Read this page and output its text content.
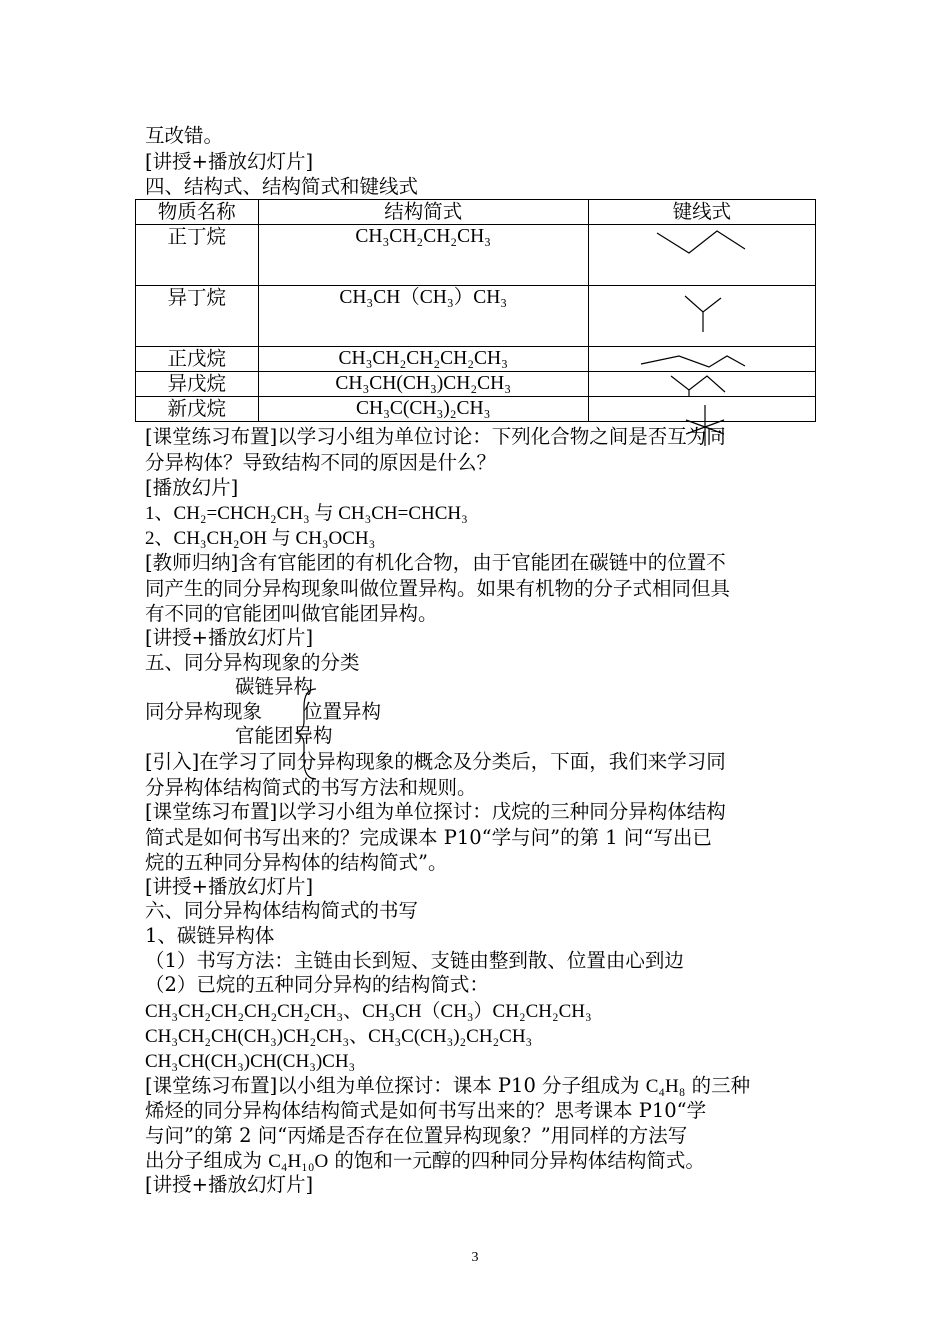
互改错。
[讲授+播放幻灯片]
四、结构式、结构简式和键线式
物质名称	结构简式	键线式
正丁烷	CH₃CH₂CH₂CH₃	

异丁烷	CH₃CH（CH₃）CH₃	

正戊烷	CH₃CH₂CH₂CH₂CH₃	

异戊烷	CH₃CH(CH₃)CH₂CH₃	

新戊烷	CH₃C(CH₃)₂CH₃	
[课堂练习布置]以学习小组为单位讨论：下列化合物之间是否互为同
分异构体？导致结构不同的原因是什么？
[播放幻片]
1、CH₂=CHCH₂CH₃ 与 CH₃CH=CHCH₃
2、CH₃CH₂OH 与 CH₃OCH₃
[教师归纳]含有官能团的有机化合物，由于官能团在碳链中的位置不
同产生的同分异构现象叫做位置异构。如果有机物的分子式相同但具
有不同的官能团叫做官能团异构。
[讲授+播放幻灯片]
五、同分异构现象的分类
碳链异构
同分异构现象 位置异构
官能团异构
[引入]在学习了同分异构现象的概念及分类后，下面，我们来学习同
分异构体结构简式的书写方法和规则。
[课堂练习布置]以学习小组为单位探讨：戊烷的三种同分异构体结构
简式是如何书写出来的？完成课本 P10“学与问”的第 1 问“写出已
烷的五种同分异构体的结构简式”。
[讲授+播放幻灯片]
六、同分异构体结构简式的书写
1、碳链异构体
（1）书写方法：主链由长到短、支链由整到散、位置由心到边
（2）已烷的五种同分异构的结构简式：
CH₃CH₂CH₂CH₂CH₂CH₃、CH₃CH（CH₃）CH₂CH₂CH₃
CH₃CH₂CH(CH₃)CH₂CH₃、CH₃C(CH₃)₂CH₂CH₃
CH₃CH(CH₃)CH(CH₃)CH₃
[课堂练习布置]以小组为单位探讨：课本 P10 分子组成为 C₄H₈ 的三种
烯烃的同分异构体结构简式是如何书写出来的？思考课本 P10“学
与问”的第 2 问“丙烯是否存在位置异构现象？”用同样的方法写
出分子组成为 C₄H₁₀O 的饱和一元醇的四种同分异构体结构简式。
[讲授+播放幻灯片]
3
